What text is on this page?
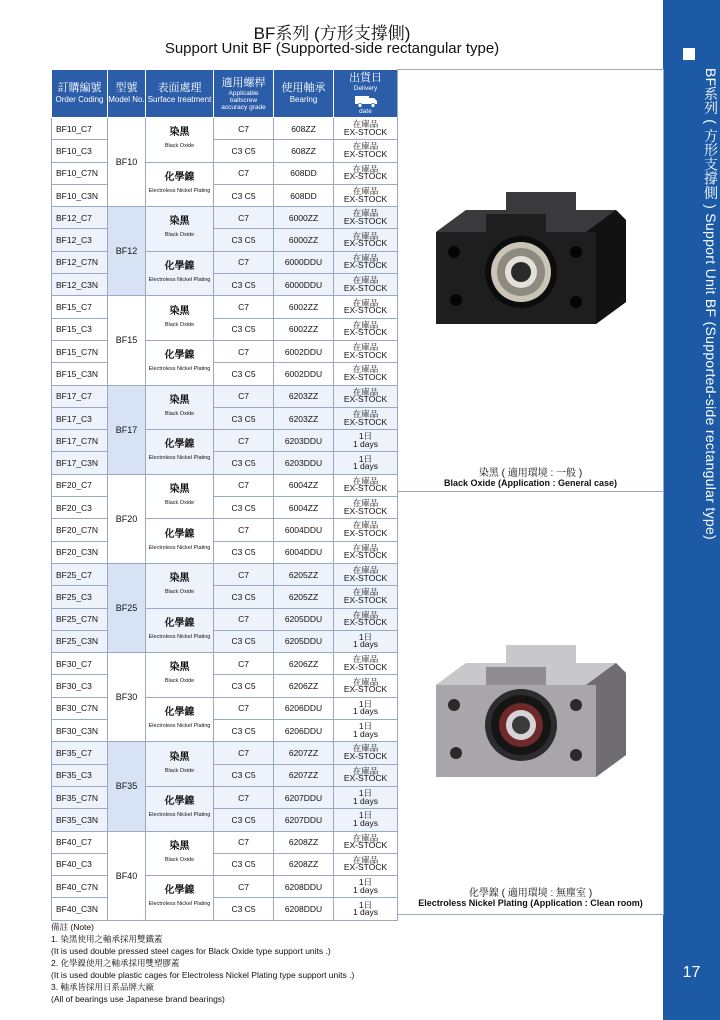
BF系列 (方形支撐側)
Support Unit BF (Supported-side rectangular type)
BF系列 ( 方形支撐側 ) Support Unit BF (Supported-side rectangular type)
17
訂購編號
Order Coding	型號
Model No.	表面處理
Surface treatment	適用螺桿
Applicable
ballscrew
accuracy grade	使用軸承
Bearing	出貨日
Delivery
date

BF10_C7	BF10	染黑
Black Oxide	C7	608ZZ	在庫品
EX-STOCK

BF10_C3			C3 C5	608ZZ	在庫品
EX-STOCK

BF10_C7N		化學鎳
Electroless Nickel Plating	C7	608DD	在庫品
EX-STOCK

BF10_C3N			C3 C5	608DD	在庫品
EX-STOCK

BF12_C7	BF12	染黑
Black Oxide	C7	6000ZZ	在庫品
EX-STOCK

BF12_C3			C3 C5	6000ZZ	在庫品
EX-STOCK

BF12_C7N		化學鎳
Electroless Nickel Plating	C7	6000DDU	在庫品
EX-STOCK

BF12_C3N			C3 C5	6000DDU	在庫品
EX-STOCK

BF15_C7	BF15	染黑
Black Oxide	C7	6002ZZ	在庫品
EX-STOCK

BF15_C3			C3 C5	6002ZZ	在庫品
EX-STOCK

BF15_C7N		化學鎳
Electroless Nickel Plating	C7	6002DDU	在庫品
EX-STOCK

BF15_C3N			C3 C5	6002DDU	在庫品
EX-STOCK

BF17_C7	BF17	染黑
Black Oxide	C7	6203ZZ	在庫品
EX-STOCK

BF17_C3			C3 C5	6203ZZ	在庫品
EX-STOCK

BF17_C7N		化學鎳
Electroless Nickel Plating	C7	6203DDU	1日
1 days

BF17_C3N			C3 C5	6203DDU	1日
1 days

BF20_C7	BF20	染黑
Black Oxide	C7	6004ZZ	在庫品
EX-STOCK

BF20_C3			C3 C5	6004ZZ	在庫品
EX-STOCK

BF20_C7N		化學鎳
Electroless Nickel Plating	C7	6004DDU	在庫品
EX-STOCK

BF20_C3N			C3 C5	6004DDU	在庫品
EX-STOCK

BF25_C7	BF25	染黑
Black Oxide	C7	6205ZZ	在庫品
EX-STOCK

BF25_C3			C3 C5	6205ZZ	在庫品
EX-STOCK

BF25_C7N		化學鎳
Electroless Nickel Plating	C7	6205DDU	在庫品
EX-STOCK

BF25_C3N			C3 C5	6205DDU	1日
1 days

BF30_C7	BF30	染黑
Black Oxide	C7	6206ZZ	在庫品
EX-STOCK

BF30_C3			C3 C5	6206ZZ	在庫品
EX-STOCK

BF30_C7N		化學鎳
Electroless Nickel Plating	C7	6206DDU	1日
1 days

BF30_C3N			C3 C5	6206DDU	1日
1 days

BF35_C7	BF35	染黑
Black Oxide	C7	6207ZZ	在庫品
EX-STOCK

BF35_C3			C3 C5	6207ZZ	在庫品
EX-STOCK

BF35_C7N		化學鎳
Electroless Nickel Plating	C7	6207DDU	1日
1 days

BF35_C3N			C3 C5	6207DDU	1日
1 days

BF40_C7	BF40	染黑
Black Oxide	C7	6208ZZ	在庫品
EX-STOCK

BF40_C3			C3 C5	6208ZZ	在庫品
EX-STOCK

BF40_C7N		化學鎳
Electroless Nickel Plating	C7	6208DDU	1日
1 days

BF40_C3N			C3 C5	6208DDU	1日
1 days
染黑 ( 適用環境 : 一般 )
Black Oxide (Application : General case)
化學鎳 ( 適用環境 : 無塵室 )
Electroless Nickel Plating (Application : Clean room)
備註 (Note)
1. 染黑使用之軸承採用雙鐵蓋
(It is used double pressed steel cages for Black Oxide type support units .)
2. 化學鎳使用之軸承採用雙塑膠蓋
(It is used double plastic cages for Electroless Nickel Plating type support units .)
3. 軸承皆採用日系品牌大廠
(All of bearings use Japanese brand bearings)
